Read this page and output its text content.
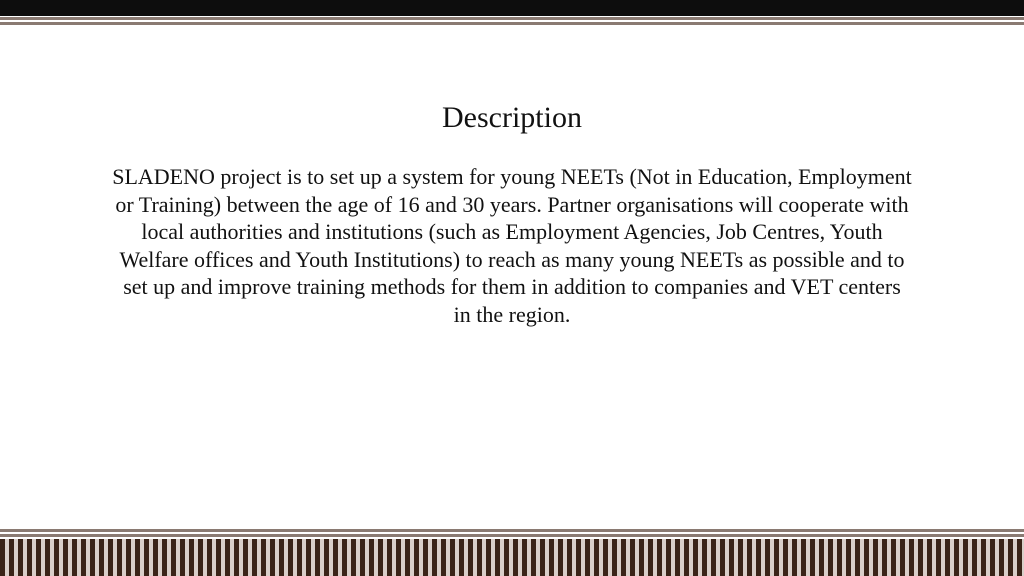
Description

SLADENO project is to set up a system for young NEETs (Not in Education, Employment or Training) between the age of 16 and 30 years. Partner organisations will cooperate with local authorities and institutions (such as Employment Agencies, Job Centres, Youth Welfare offices and Youth Institutions) to reach as many young NEETs as possible and to set up and improve training methods for them in addition to companies and VET centers in the region.
